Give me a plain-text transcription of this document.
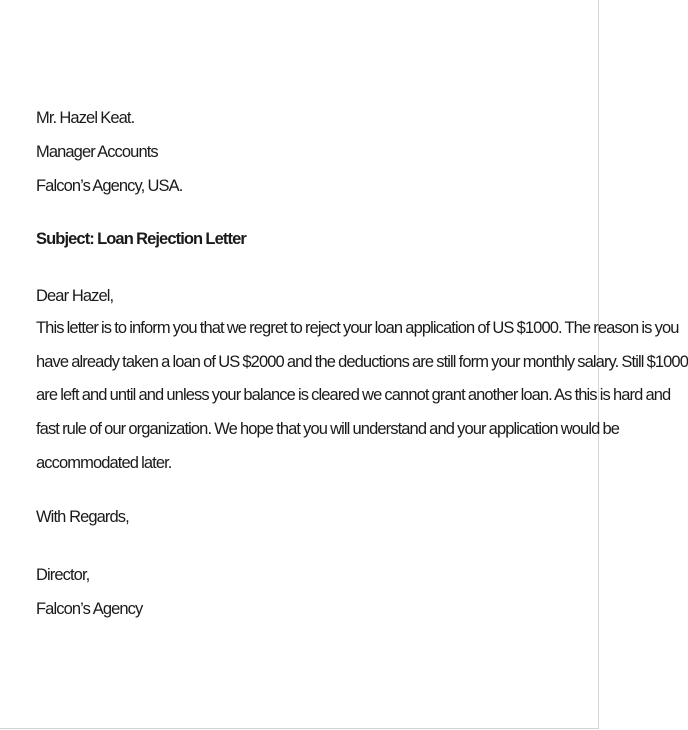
Mr. Hazel Keat.
Manager Accounts
Falcon’s Agency, USA.
Subject: Loan Rejection Letter
Dear Hazel,
This letter is to inform you that we regret to reject your loan application of US $1000. The reason is you
have already taken a loan of US $2000 and the deductions are still form your monthly salary. Still $1000
are left and until and unless your balance is cleared we cannot grant another loan. As this is hard and
fast rule of our organization. We hope that you will understand and your application would be
accommodated later.
With Regards,
Director,
Falcon’s Agency
